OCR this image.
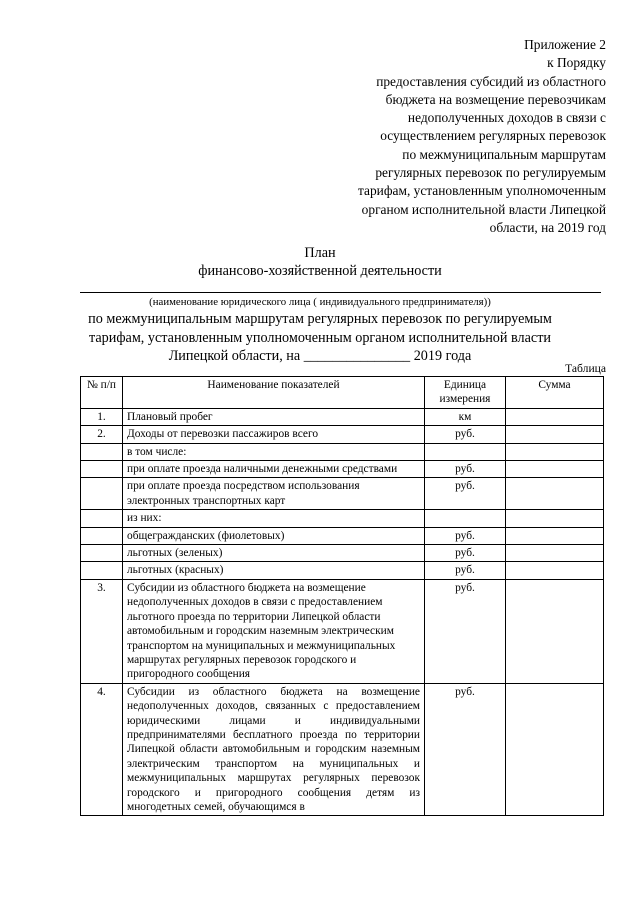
Приложение 2
к Порядку
предоставления субсидий из областного
бюджета на возмещение перевозчикам
недополученных доходов в связи с
осуществлением регулярных перевозок
по межмуниципальным маршрутам
регулярных перевозок по регулируемым
тарифам, установленным уполномоченным
органом исполнительной власти Липецкой
области, на 2019 год
План
финансово-хозяйственной деятельности
(наименование юридического лица ( индивидуального предпринимателя))
по межмуниципальным маршрутам регулярных перевозок по регулируемым
тарифам, установленным уполномоченным органом исполнительной власти
Липецкой области, на _______________ 2019 года
Таблица
№ п/п	Наименование показателей	Единица измерения	Сумма
1.	Плановый пробег	км	
2.	Доходы от перевозки пассажиров всего	руб.	
	в том числе:		
	при оплате проезда наличными денежными средствами	руб.	
	при оплате проезда посредством использования электронных транспортных карт	руб.	
	из них:		
	общегражданских (фиолетовых)	руб.	
	льготных (зеленых)	руб.	
	льготных (красных)	руб.	
3.	Субсидии из областного бюджета на возмещение недополученных доходов в связи с предоставлением льготного проезда по территории Липецкой области автомобильным и городским наземным электрическим транспортом на муниципальных и межмуниципальных маршрутах регулярных перевозок городского и пригородного сообщения	руб.	
4.	Субсидии из областного бюджета на возмещение недополученных доходов, связанных с предоставлением юридическими лицами и индивидуальными предпринимателями бесплатного проезда по территории Липецкой области автомобильным и городским наземным электрическим транспортом на муниципальных и межмуниципальных маршрутах регулярных перевозок городского и пригородного сообщения детям из многодетных семей, обучающимся в	руб.	
